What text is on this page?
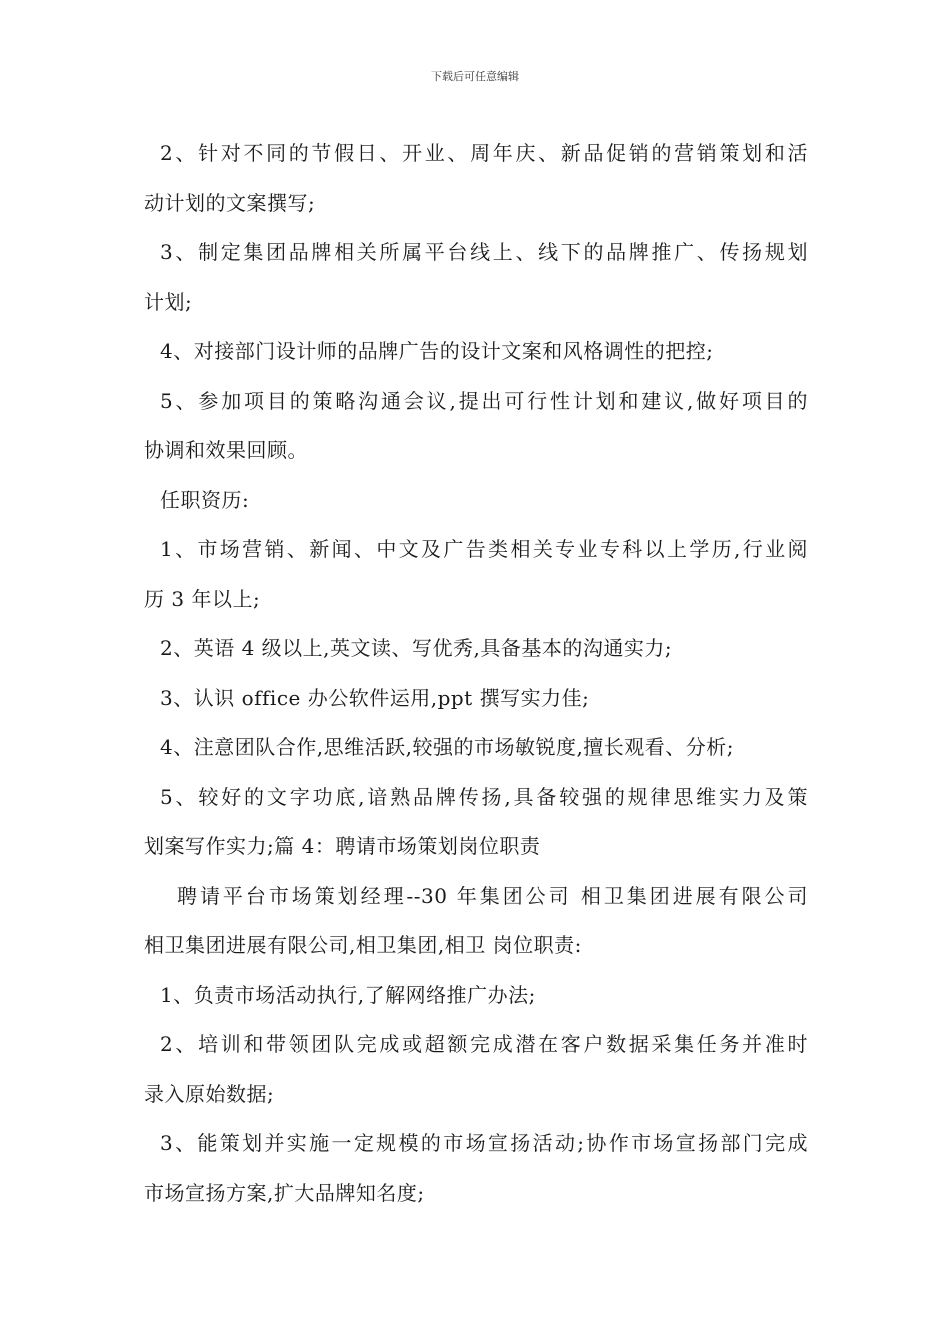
下载后可任意编辑
2、针对不同的节假日、开业、周年庆、新品促销的营销策划和活
动计划的文案撰写;
3、制定集团品牌相关所属平台线上、线下的品牌推广、传扬规划
计划;
4、对接部门设计师的品牌广告的设计文案和风格调性的把控;
5、参加项目的策略沟通会议,提出可行性计划和建议,做好项目的
协调和效果回顾。
任职资历:
1、市场营销、新闻、中文及广告类相关专业专科以上学历,行业阅
历 3 年以上;
2、英语 4 级以上,英文读、写优秀,具备基本的沟通实力;
3、认识 office 办公软件运用,ppt 撰写实力佳;
4、注意团队合作,思维活跃,较强的市场敏锐度,擅长观看、分析;
5、较好的文字功底,谙熟品牌传扬,具备较强的规律思维实力及策
划案写作实力;篇 4：聘请市场策划岗位职责
聘请平台市场策划经理--30 年集团公司 相卫集团进展有限公司
相卫集团进展有限公司,相卫集团,相卫 岗位职责:
1、负责市场活动执行,了解网络推广办法;
2、培训和带领团队完成或超额完成潜在客户数据采集任务并准时
录入原始数据;
3、能策划并实施一定规模的市场宣扬活动;协作市场宣扬部门完成
市场宣扬方案,扩大品牌知名度;
